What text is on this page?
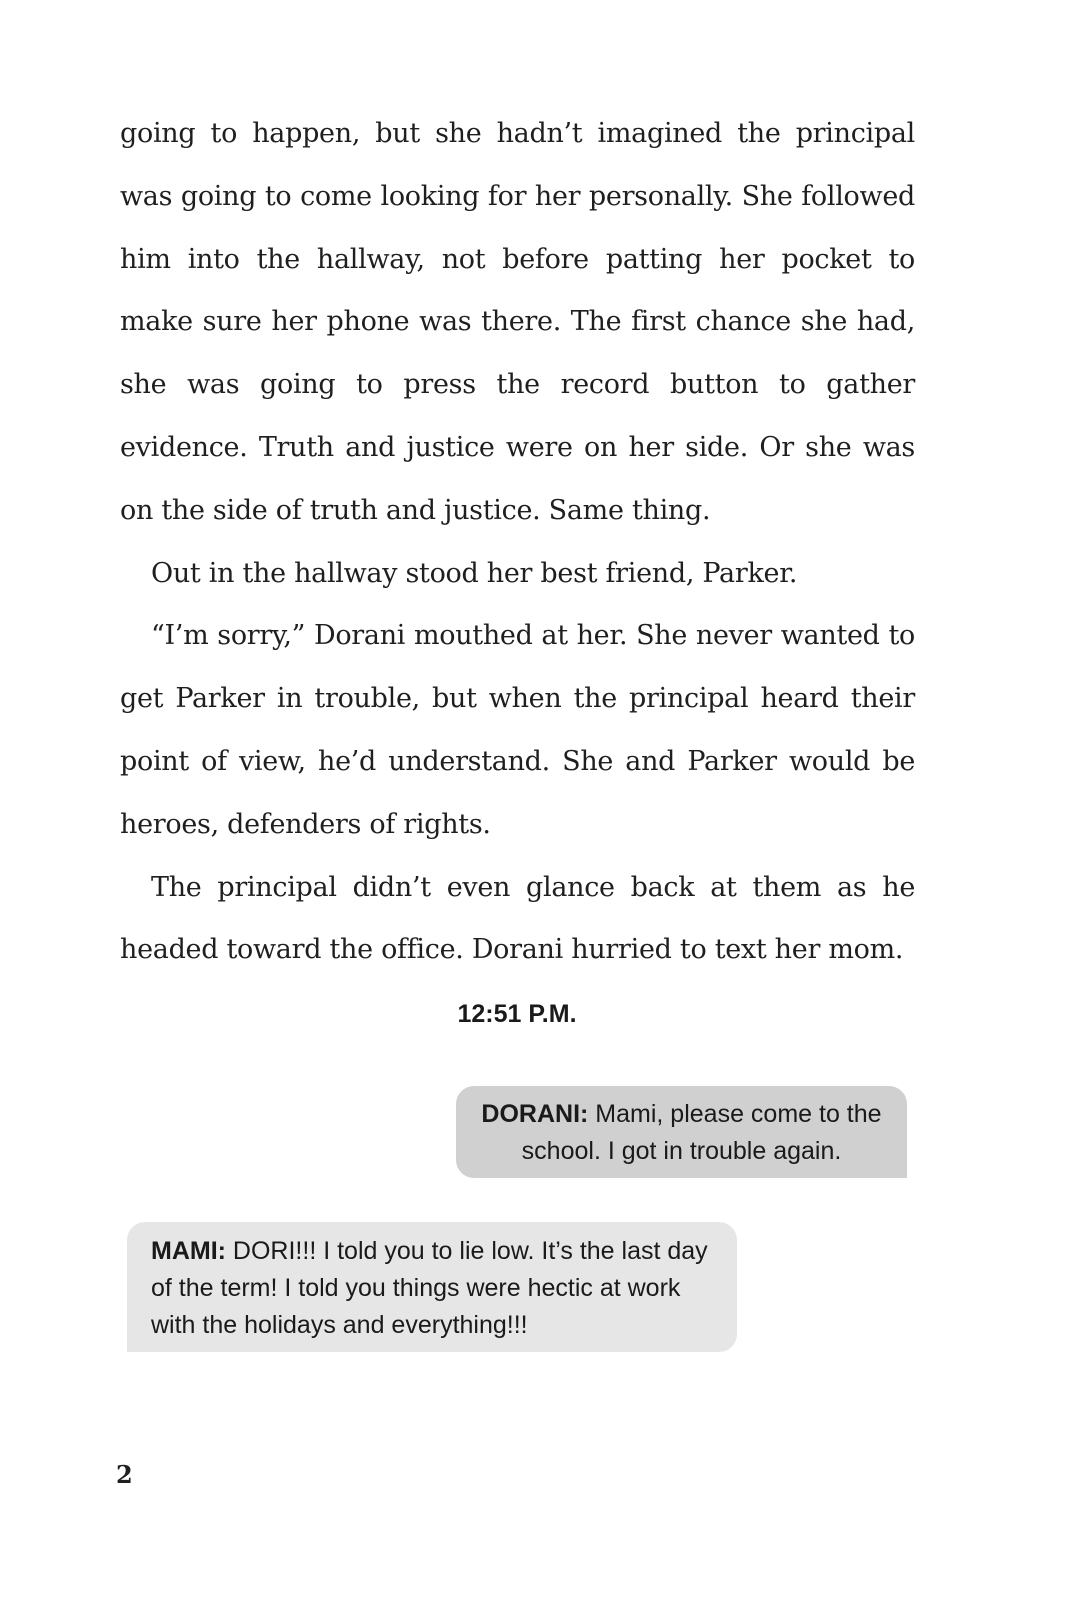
going to happen, but she hadn’t imagined the principal was going to come looking for her personally. She followed him into the hallway, not before patting her pocket to make sure her phone was there. The first chance she had, she was going to press the record button to gather evidence. Truth and justice were on her side. Or she was on the side of truth and justice. Same thing.

Out in the hallway stood her best friend, Parker.

“I’m sorry,” Dorani mouthed at her. She never wanted to get Parker in trouble, but when the principal heard their point of view, he’d understand. She and Parker would be heroes, defenders of rights.

The principal didn’t even glance back at them as he headed toward the office. Dorani hurried to text her mom.

12:51 P.M.
DORANI: Mami, please come to the school. I got in trouble again.
MAMI: DORI!!! I told you to lie low. It’s the last day of the term! I told you things were hectic at work with the holidays and everything!!!
2
